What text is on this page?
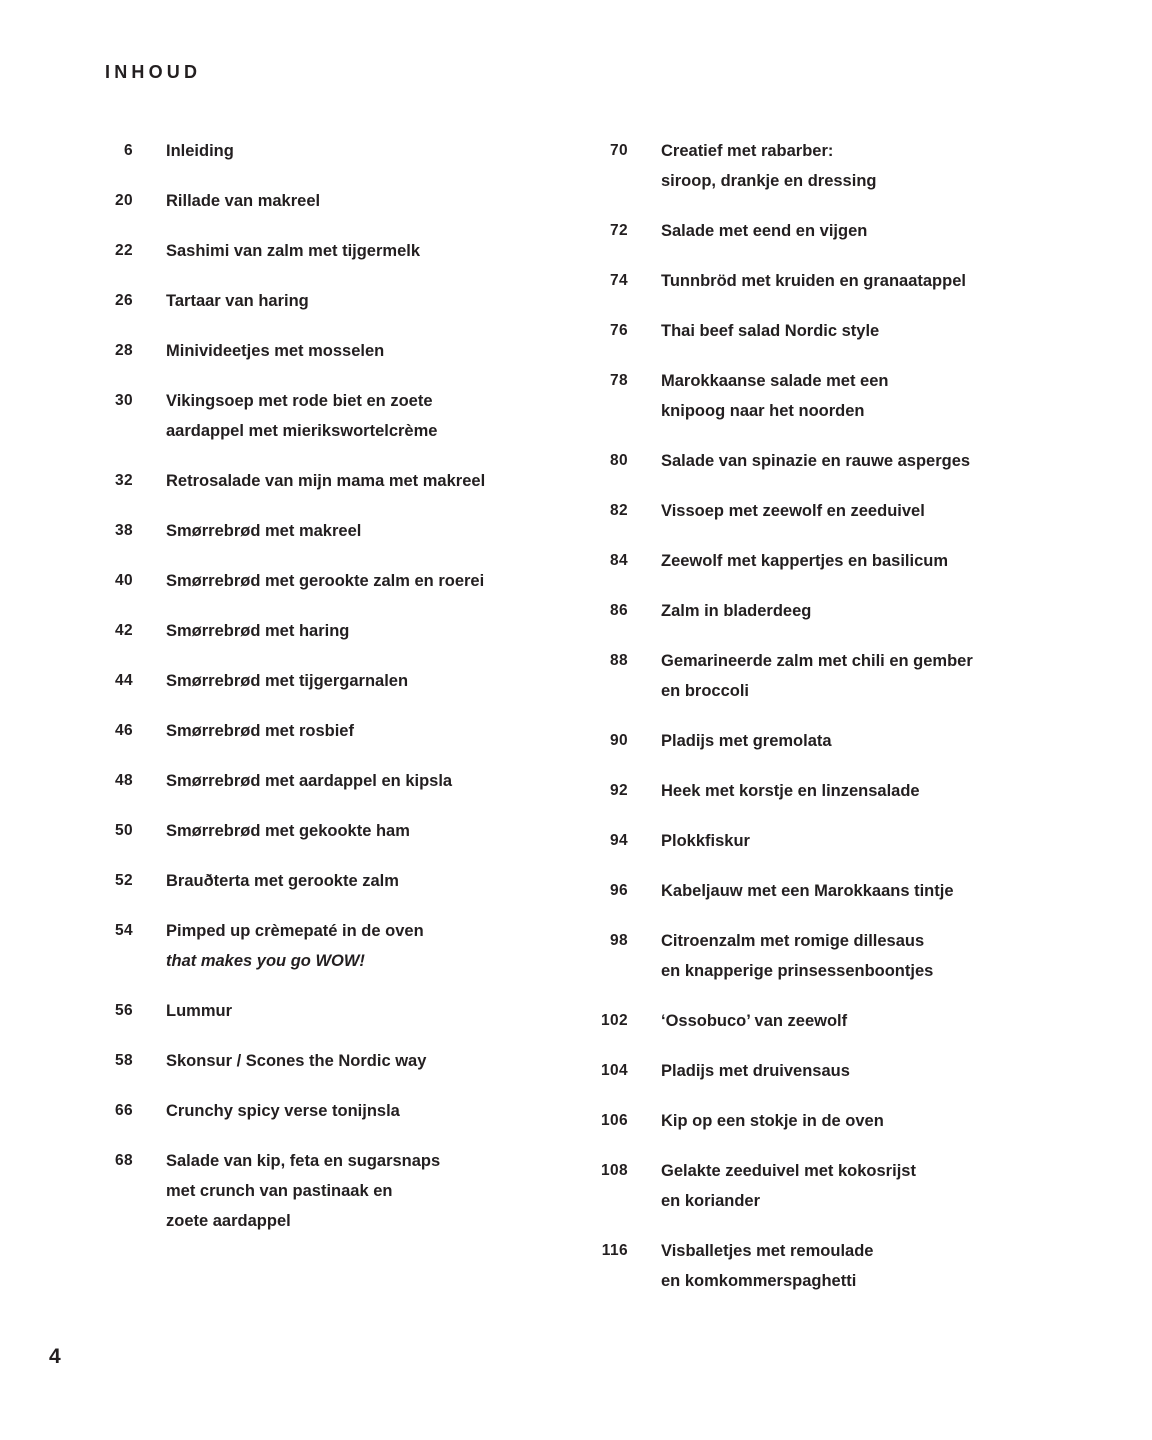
INHOUD
6 Inleiding
20 Rillade van makreel
22 Sashimi van zalm met tijgermelk
26 Tartaar van haring
28 Minivideetjes met mosselen
30 Vikingsoep met rode biet en zoete
aardappel met mierikswortelcrème
32 Retrosalade van mijn mama met makreel
38 Smørrebrød met makreel
40 Smørrebrød met gerookte zalm en roerei
42 Smørrebrød met haring
44 Smørrebrød met tijgergarnalen
46 Smørrebrød met rosbief
48 Smørrebrød met aardappel en kipsla
50 Smørrebrød met gekookte ham
52 Brauðterta met gerookte zalm
54 Pimped up crèmepaté in de oven
that makes you go WOW!
56 Lummur
58 Skonsur / Scones the Nordic way
66 Crunchy spicy verse tonijnsla
68 Salade van kip, feta en sugarsnaps
met crunch van pastinaak en
zoete aardappel
70 Creatief met rabarber:
siroop, drankje en dressing
72 Salade met eend en vijgen
74 Tunnbröd met kruiden en granaatappel
76 Thai beef salad Nordic style
78 Marokkaanse salade met een
knipoog naar het noorden
80 Salade van spinazie en rauwe asperges
82 Vissoep met zeewolf en zeeduivel
84 Zeewolf met kappertjes en basilicum
86 Zalm in bladerdeeg
88 Gemarineerde zalm met chili en gember
en broccoli
90 Pladijs met gremolata
92 Heek met korstje en linzensalade
94 Plokkfiskur
96 Kabeljauw met een Marokkaans tintje
98 Citroenzalm met romige dillesaus
en knapperige prinsessenboontjes
102 ‘Ossobuco’ van zeewolf
104 Pladijs met druivensaus
106 Kip op een stokje in de oven
108 Gelakte zeeduivel met kokosrijst
en koriander
116 Visballetjes met remoulade
en komkommerspaghetti
4
